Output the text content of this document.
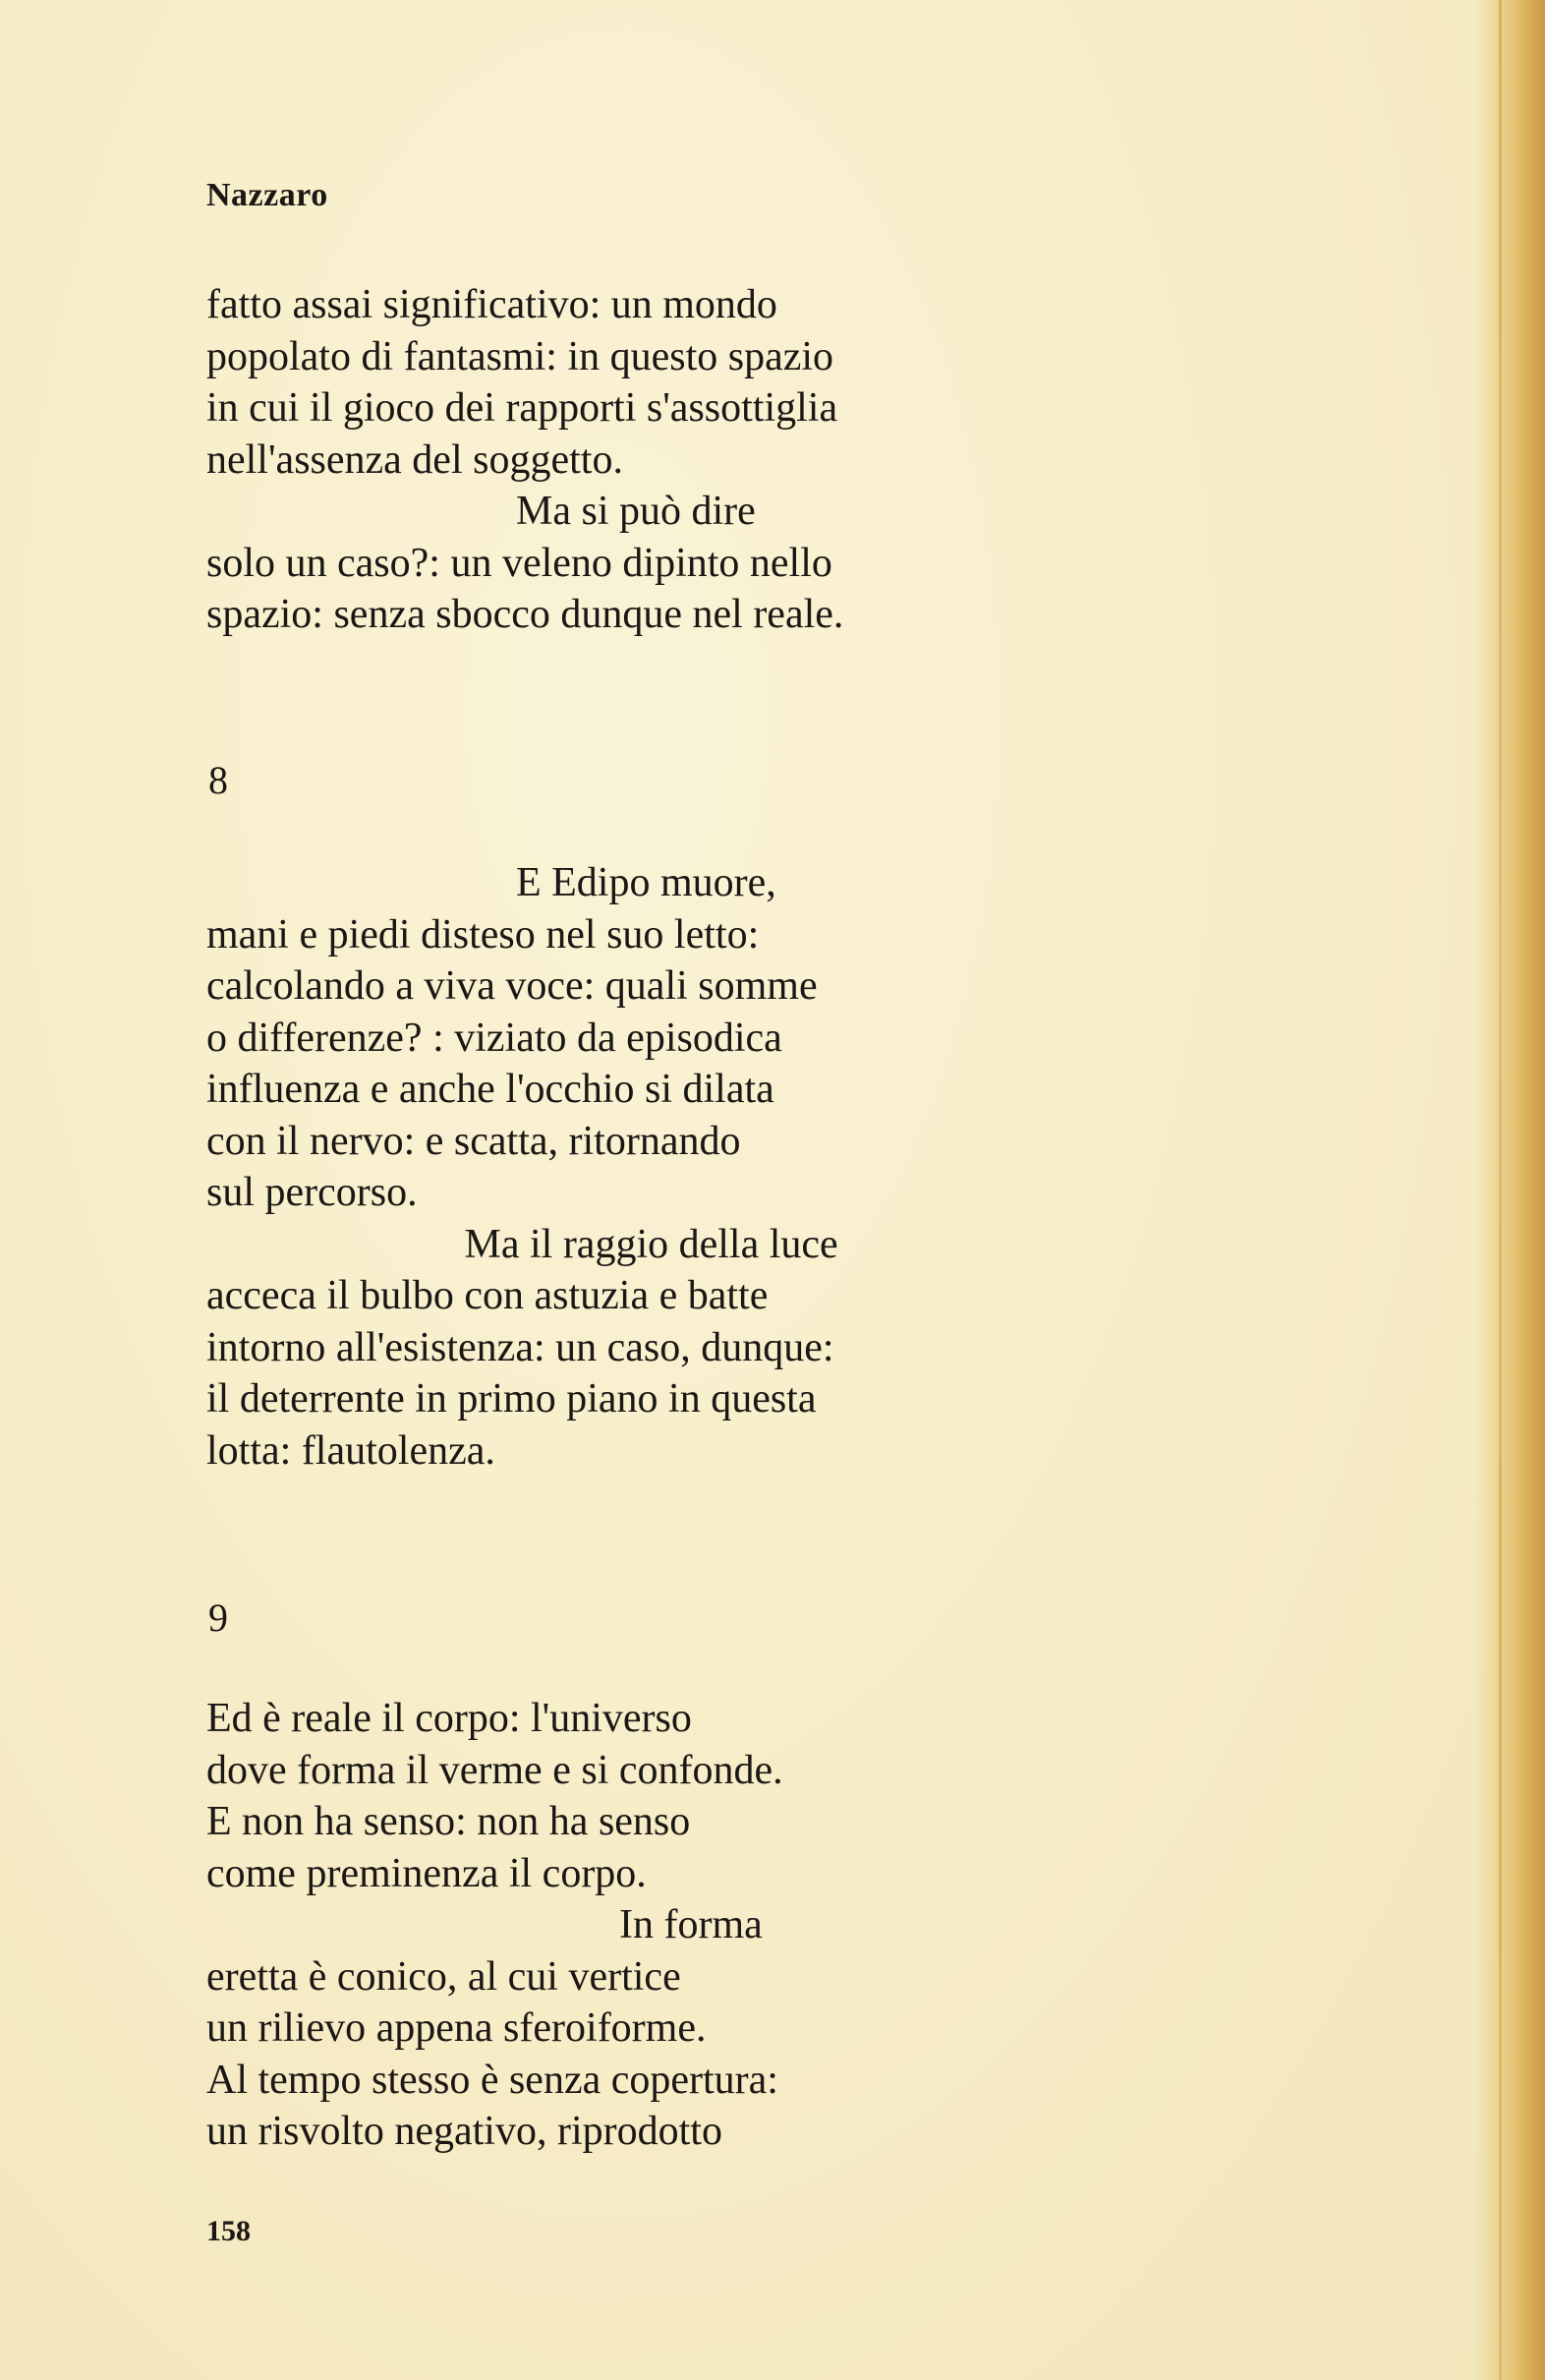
Nazzaro
fatto assai significativo: un mondo
popolato di fantasmi: in questo spazio
in cui il gioco dei rapporti s'assottiglia
nell'assenza del soggetto.
Ma si può dire
solo un caso?: un veleno dipinto nello
spazio: senza sbocco dunque nel reale.
8
E Edipo muore,
mani e piedi disteso nel suo letto:
calcolando a viva voce: quali somme
o differenze? : viziato da episodica
influenza e anche l'occhio si dilata
con il nervo: e scatta, ritornando
sul percorso.
Ma il raggio della luce
acceca il bulbo con astuzia e batte
intorno all'esistenza: un caso, dunque:
il deterrente in primo piano in questa
lotta: flautolenza.
9
Ed è reale il corpo: l'universo
dove forma il verme e si confonde.
E non ha senso: non ha senso
come preminenza il corpo.
In forma
eretta è conico, al cui vertice
un rilievo appena sferoiforme.
Al tempo stesso è senza copertura:
un risvolto negativo, riprodotto
158
